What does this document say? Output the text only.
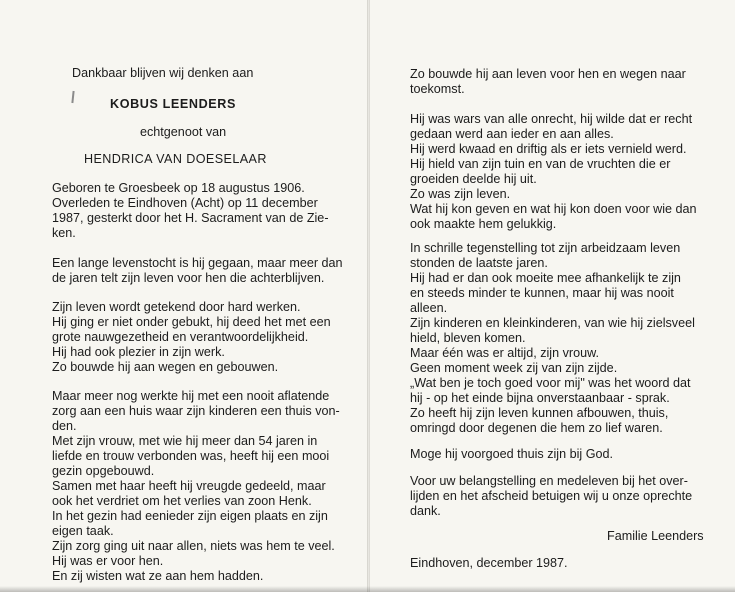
Dankbaar blijven wij denken aan
KOBUS LEENDERS
echtgenoot van
HENDRICA VAN DOESELAAR
Geboren te Groesbeek op 18 augustus 1906.
Overleden te Eindhoven (Acht) op 11 december
1987, gesterkt door het H. Sacrament van de Zie-
ken.
Een lange levenstocht is hij gegaan, maar meer dan
de jaren telt zijn leven voor hen die achterblijven.
Zijn leven wordt getekend door hard werken.
Hij ging er niet onder gebukt, hij deed het met een
grote nauwgezetheid en verantwoordelijkheid.
Hij had ook plezier in zijn werk.
Zo bouwde hij aan wegen en gebouwen.
Maar meer nog werkte hij met een nooit aflatende
zorg aan een huis waar zijn kinderen een thuis von-
den.
Met zijn vrouw, met wie hij meer dan 54 jaren in
liefde en trouw verbonden was, heeft hij een mooi
gezin opgebouwd.
Samen met haar heeft hij vreugde gedeeld, maar
ook het verdriet om het verlies van zoon Henk.
In het gezin had eenieder zijn eigen plaats en zijn
eigen taak.
Zijn zorg ging uit naar allen, niets was hem te veel.
Hij was er voor hen.
En zij wisten wat ze aan hem hadden.
Zo bouwde hij aan leven voor hen en wegen naar
toekomst.
Hij was wars van alle onrecht, hij wilde dat er recht
gedaan werd aan ieder en aan alles.
Hij werd kwaad en driftig als er iets vernield werd.
Hij hield van zijn tuin en van de vruchten die er
groeiden deelde hij uit.
Zo was zijn leven.
Wat hij kon geven en wat hij kon doen voor wie dan
ook maakte hem gelukkig.
In schrille tegenstelling tot zijn arbeidzaam leven
stonden de laatste jaren.
Hij had er dan ook moeite mee afhankelijk te zijn
en steeds minder te kunnen, maar hij was nooit
alleen.
Zijn kinderen en kleinkinderen, van wie hij zielsveel
hield, bleven komen.
Maar één was er altijd, zijn vrouw.
Geen moment week zij van zijn zijde.
„Wat ben je toch goed voor mij" was het woord dat
hij - op het einde bijna onverstaanbaar - sprak.
Zo heeft hij zijn leven kunnen afbouwen, thuis,
omringd door degenen die hem zo lief waren.
Moge hij voorgoed thuis zijn bij God.
Voor uw belangstelling en medeleven bij het over-
lijden en het afscheid betuigen wij u onze oprechte
dank.
Familie Leenders
Eindhoven, december 1987.
